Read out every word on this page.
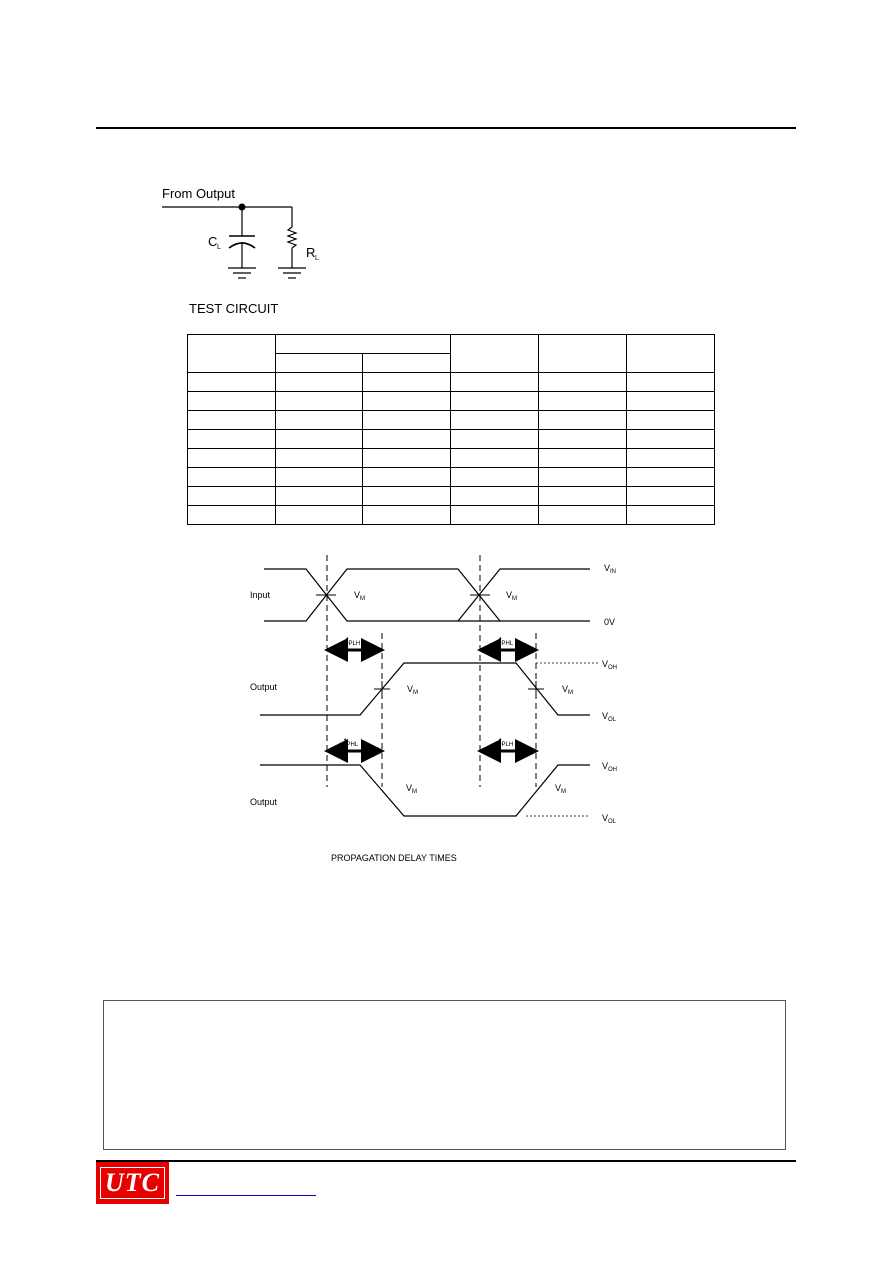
From Output
C L	R L
TEST CIRCUIT

Input
Output
Output
$V_M$	$V_M$
$V_M$	$V_M$
$V_M$	$V_M$
$V_{IN}$
0V
$V_{OH}$
$V_{OL}$
$V_{OH}$
$V_{OL}$
$t_{PLH}$	$t_{PHL}$
$t_{PHL}$	$t_{PLH}$
PROPAGATION DELAY TIMES
UTC
